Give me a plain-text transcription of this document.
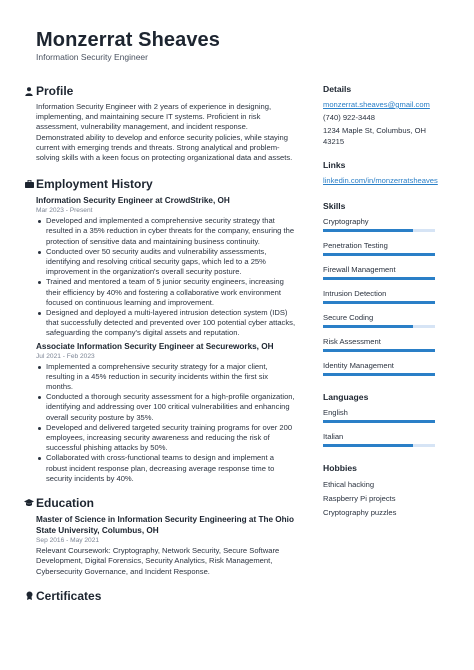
Monzerrat Sheaves
Information Security Engineer
Profile
Information Security Engineer with 2 years of experience in designing, implementing, and maintaining secure IT systems. Proficient in risk assessment, vulnerability management, and incident response. Demonstrated ability to develop and enforce security policies, while staying current with emerging trends and threats. Strong analytical and problem-solving skills with a keen focus on protecting organizational data and assets.
Employment History
Information Security Engineer at CrowdStrike, OH
Mar 2023 - Present
Developed and implemented a comprehensive security strategy that resulted in a 35% reduction in cyber threats for the company, ensuring the protection of sensitive data and maintaining business continuity.
Conducted over 50 security audits and vulnerability assessments, identifying and resolving critical security gaps, which led to a 25% improvement in the organization's overall security posture.
Trained and mentored a team of 5 junior security engineers, increasing their efficiency by 40% and fostering a collaborative work environment focused on continuous learning and improvement.
Designed and deployed a multi-layered intrusion detection system (IDS) that successfully detected and prevented over 100 potential cyber attacks, safeguarding the company's digital assets and reputation.
Associate Information Security Engineer at Secureworks, OH
Jul 2021 - Feb 2023
Implemented a comprehensive security strategy for a major client, resulting in a 45% reduction in security incidents within the first six months.
Conducted a thorough security assessment for a high-profile organization, identifying and addressing over 100 critical vulnerabilities and enhancing overall security posture by 35%.
Developed and delivered targeted security training programs for over 200 employees, increasing security awareness and reducing the risk of successful phishing attacks by 50%.
Collaborated with cross-functional teams to design and implement a robust incident response plan, decreasing average response time to security incidents by 40%.
Education
Master of Science in Information Security Engineering at The Ohio State University, Columbus, OH
Sep 2016 - May 2021
Relevant Coursework: Cryptography, Network Security, Secure Software Development, Digital Forensics, Security Analytics, Risk Management, Cybersecurity Governance, and Incident Response.
Certificates
Details
monzerrat.sheaves@gmail.com
(740) 922-3448
1234 Maple St, Columbus, OH 43215
Links
linkedin.com/in/monzerratsheaves
Skills
Cryptography
Penetration Testing
Firewall Management
Intrusion Detection
Secure Coding
Risk Assessment
Identity Management
Languages
English
Italian
Hobbies
Ethical hacking
Raspberry Pi projects
Cryptography puzzles
